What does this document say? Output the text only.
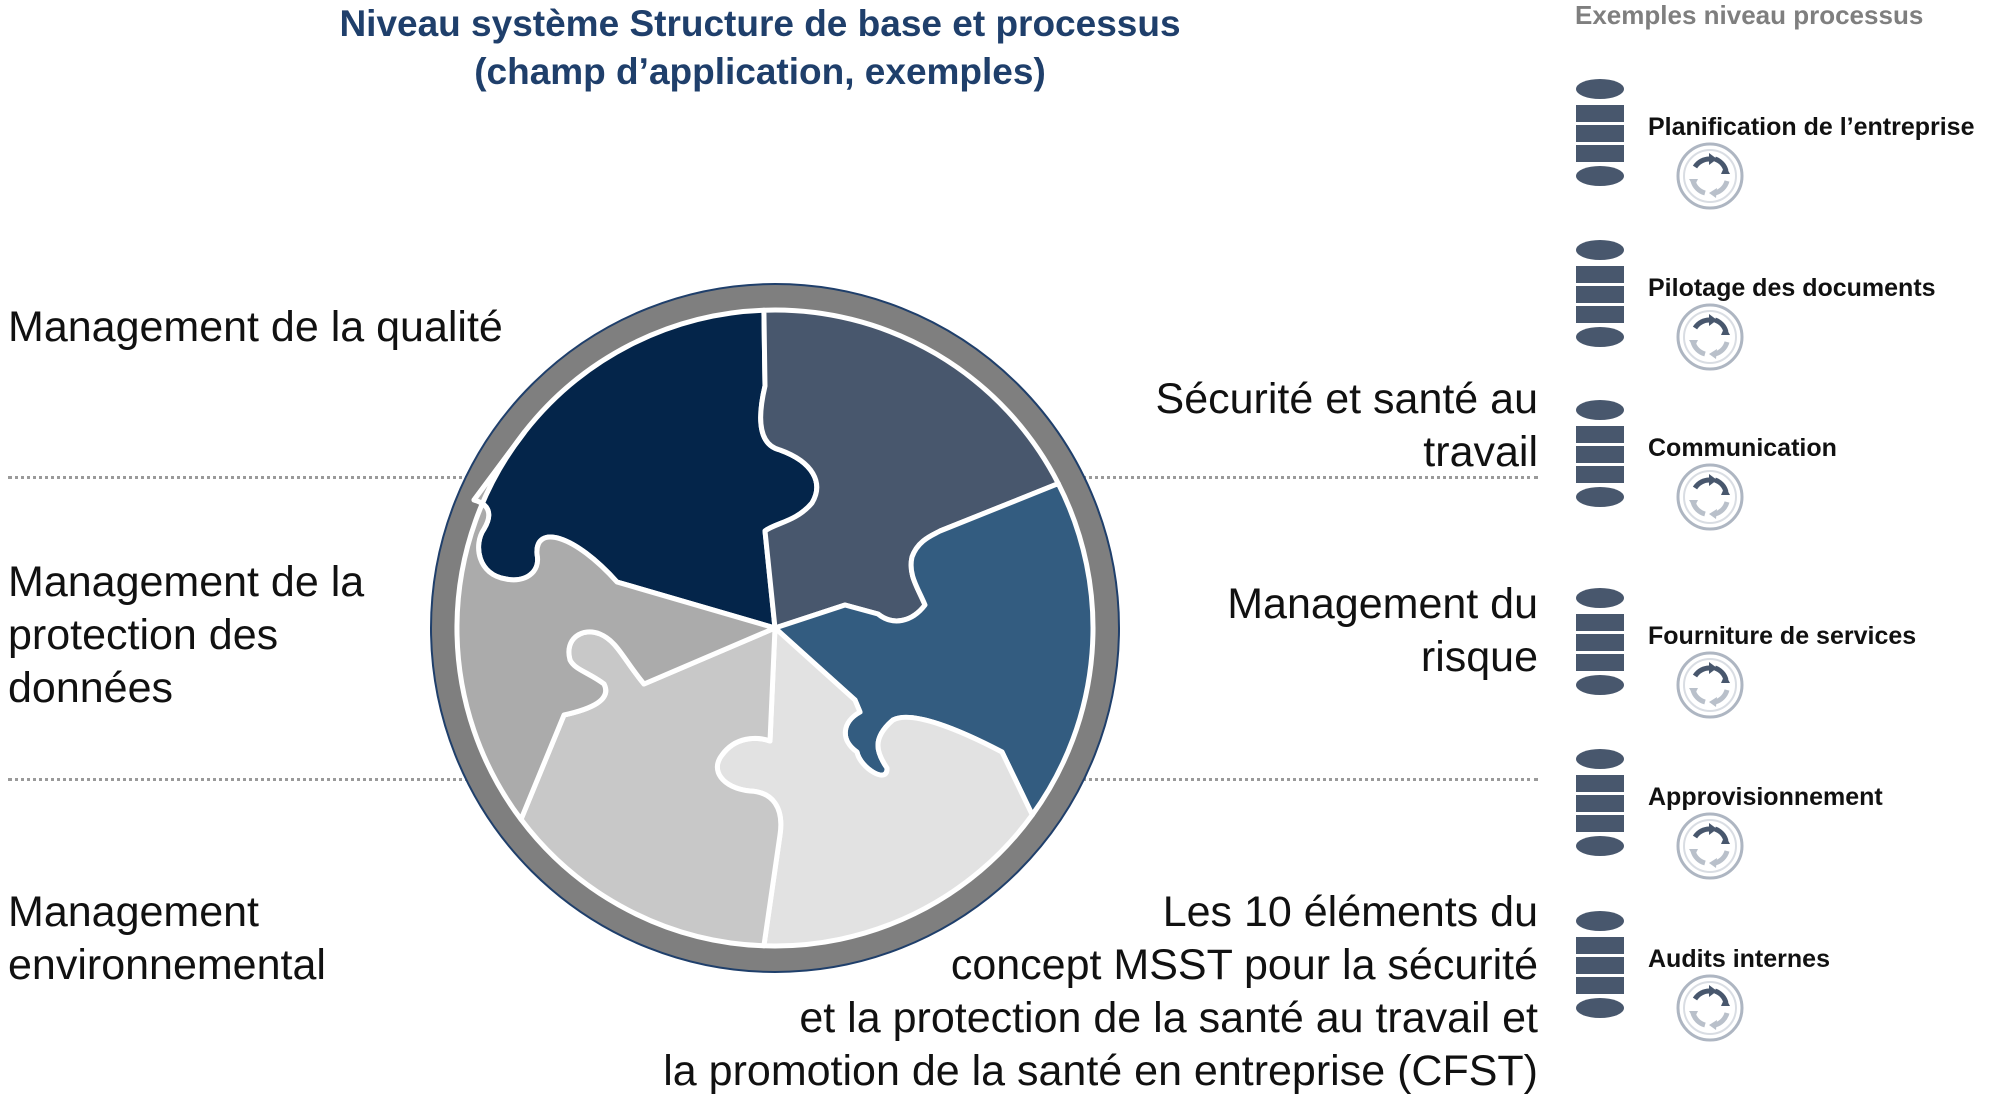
Niveau système Structure de base et processus
(champ d’application, exemples)
Management de la qualité
Management de la
protection des
données
Management
environnemental
Sécurité et santé au
travail
Management du
risque
Les 10 éléments du
concept MSST pour la sécurité
et la protection de la santé au travail et
la promotion de la santé en entreprise (CFST)
Exemples niveau processus
Planification de l’entreprise
Pilotage des documents
Communication
Fourniture de services
Approvisionnement
Audits internes
